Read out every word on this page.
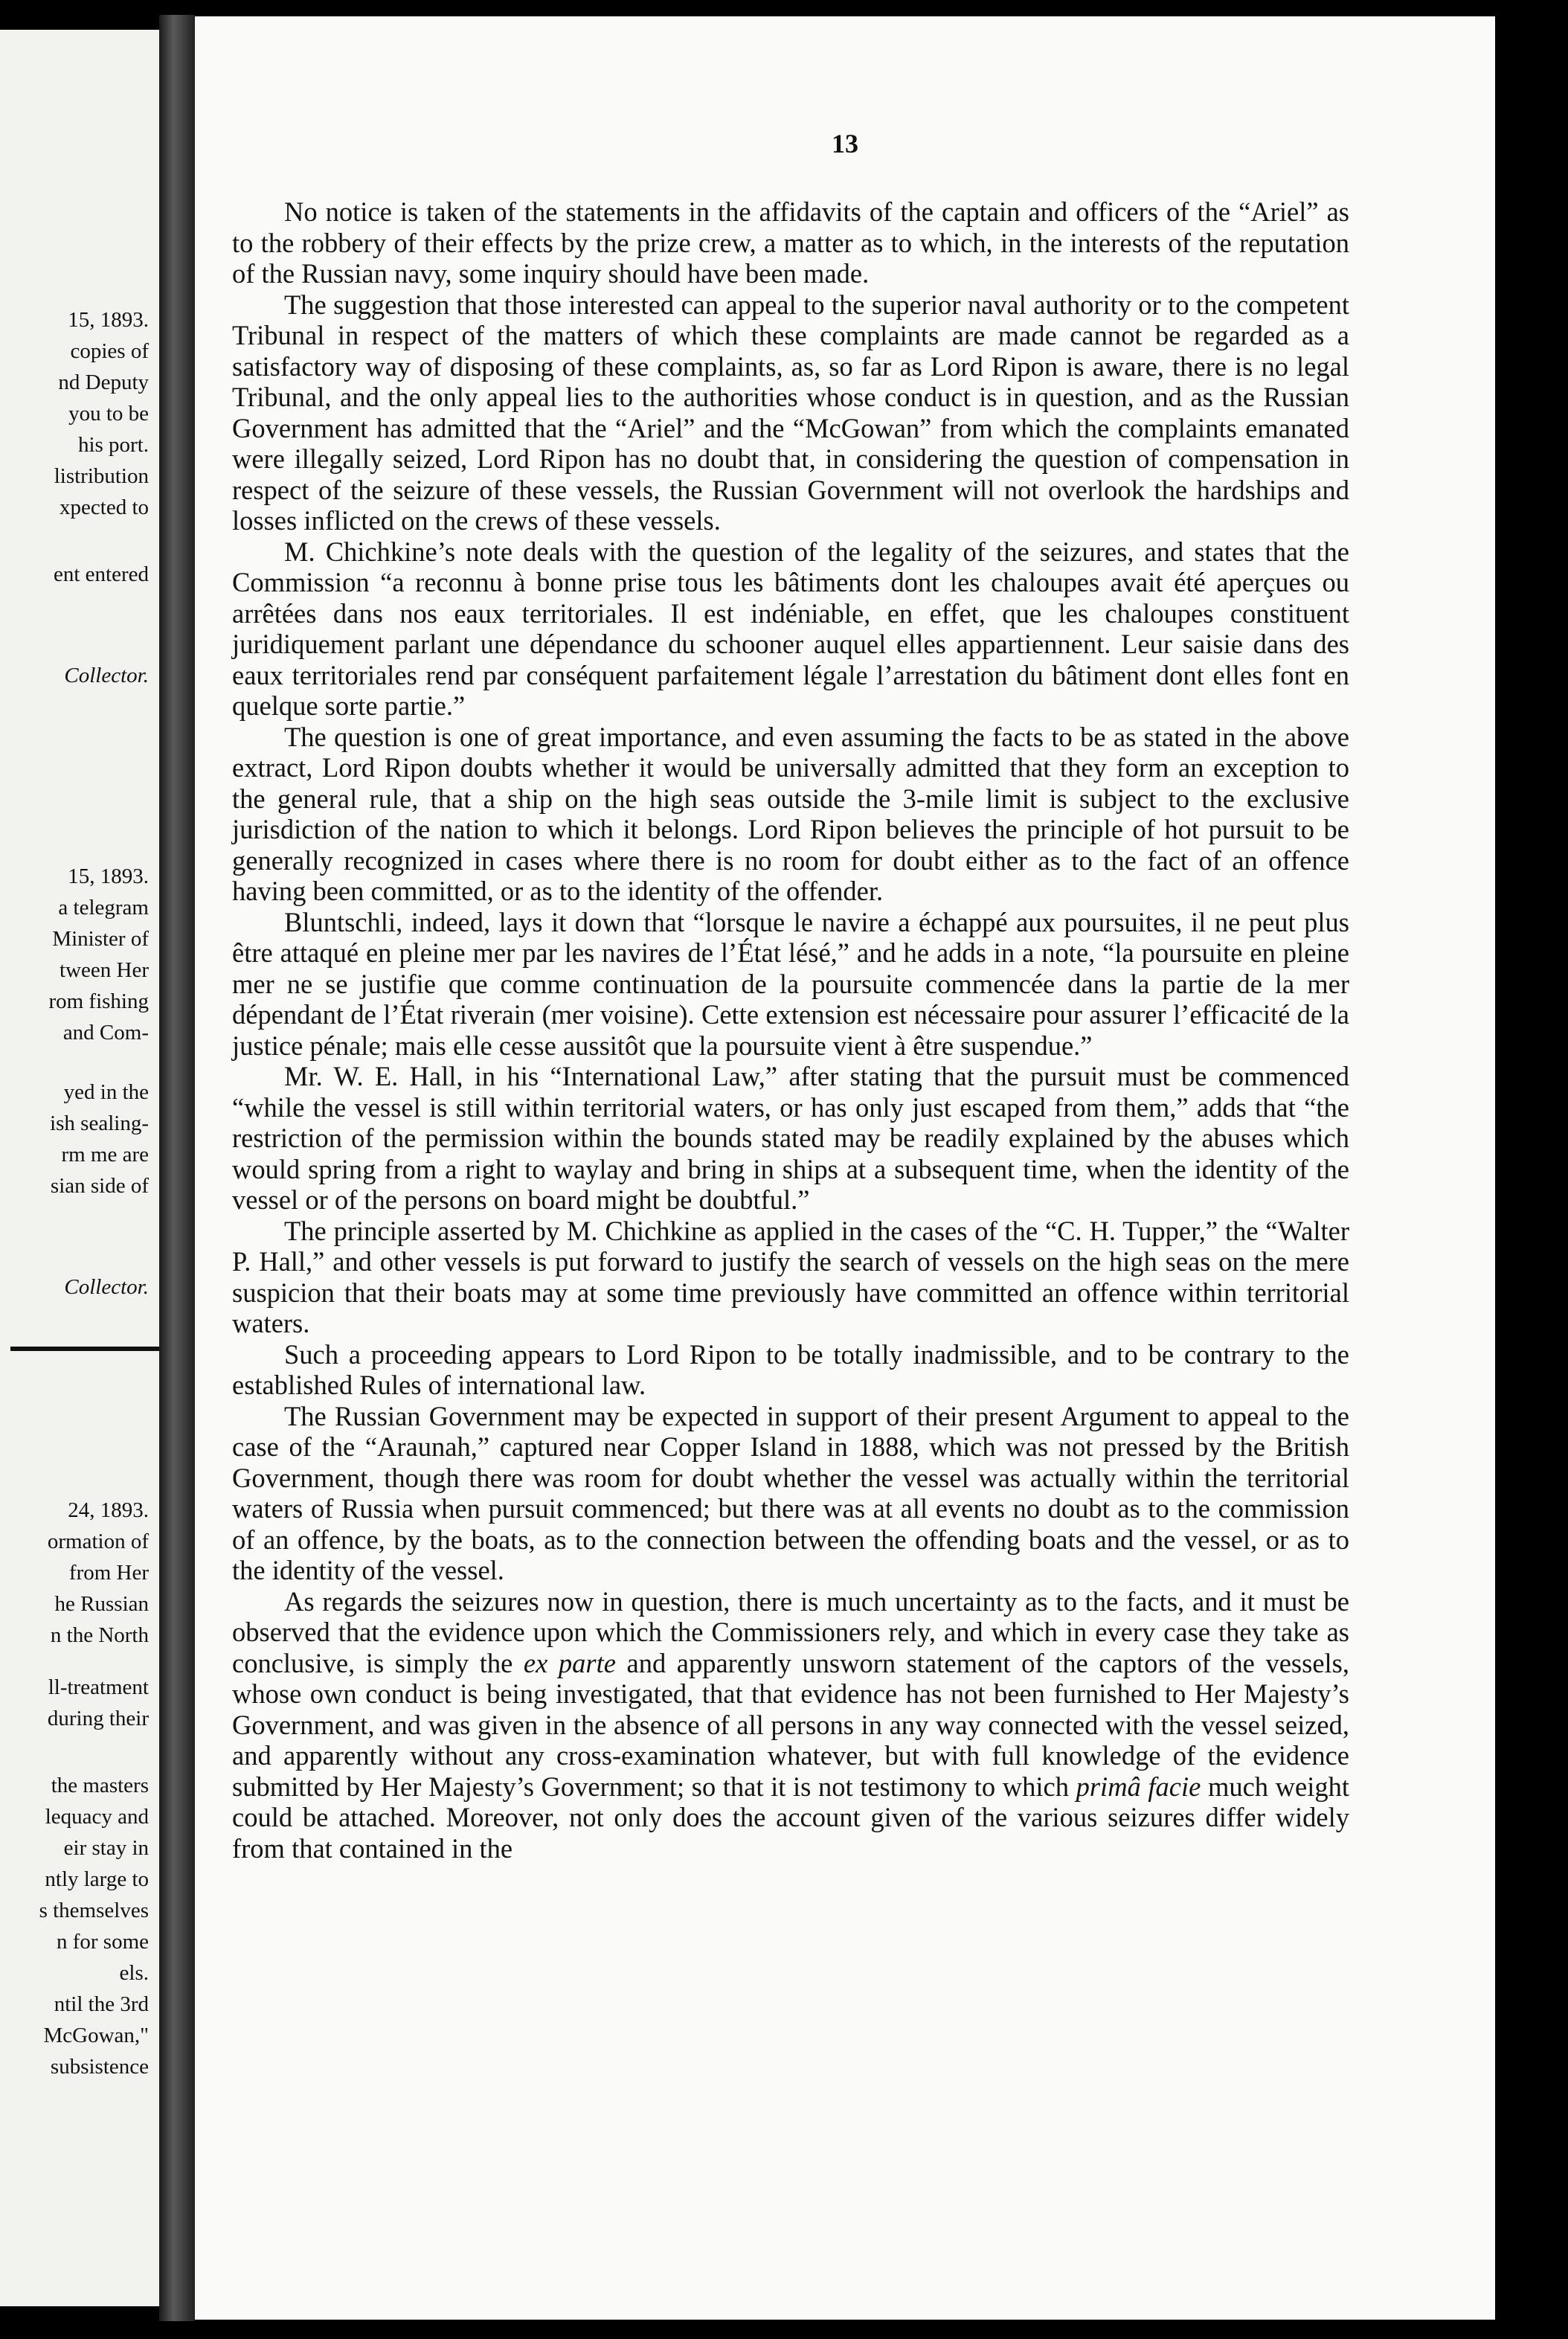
15, 1893.
copies of
nd Deputy
you to be
his port.
listribution
xpected to
ent entered
Collector.
15, 1893.
a telegram
Minister of
tween Her
rom fishing
and Com-
yed in the
ish sealing-
rm me are
sian side of
Collector.
24, 1893.
ormation of
from Her
he Russian
n the North
ll-treatment
during their
the masters
lequacy and
eir stay in
ntly large to
s themselves
n for some
els.
ntil the 3rd
McGowan,"
subsistence
13

No notice is taken of the statements in the affidavits of the captain and officers of the “Ariel” as to the robbery of their effects by the prize crew, a matter as to which, in the interests of the reputation of the Russian navy, some inquiry should have been made.

The suggestion that those interested can appeal to the superior naval authority or to the competent Tribunal in respect of the matters of which these complaints are made cannot be regarded as a satisfactory way of disposing of these complaints, as, so far as Lord Ripon is aware, there is no legal Tribunal, and the only appeal lies to the authorities whose conduct is in question, and as the Russian Government has admitted that the “Ariel” and the “McGowan” from which the complaints emanated were illegally seized, Lord Ripon has no doubt that, in considering the question of compensation in respect of the seizure of these vessels, the Russian Government will not overlook the hardships and losses inflicted on the crews of these vessels.

M. Chichkine’s note deals with the question of the legality of the seizures, and states that the Commission “a reconnu à bonne prise tous les bâtiments dont les chaloupes avait été aperçues ou arrêtées dans nos eaux territoriales. Il est indéniable, en effet, que les chaloupes constituent juridiquement parlant une dépendance du schooner auquel elles appartiennent. Leur saisie dans des eaux territoriales rend par conséquent parfaitement légale l’arrestation du bâtiment dont elles font en quelque sorte partie.”

The question is one of great importance, and even assuming the facts to be as stated in the above extract, Lord Ripon doubts whether it would be universally admitted that they form an exception to the general rule, that a ship on the high seas outside the 3-mile limit is subject to the exclusive jurisdiction of the nation to which it belongs. Lord Ripon believes the principle of hot pursuit to be generally recognized in cases where there is no room for doubt either as to the fact of an offence having been committed, or as to the identity of the offender.

Bluntschli, indeed, lays it down that “lorsque le navire a échappé aux poursuites, il ne peut plus être attaqué en pleine mer par les navires de l’État lésé,” and he adds in a note, “la poursuite en pleine mer ne se justifie que comme continuation de la poursuite commencée dans la partie de la mer dépendant de l’État riverain (mer voisine). Cette extension est nécessaire pour assurer l’efficacité de la justice pénale; mais elle cesse aussitôt que la poursuite vient à être suspendue.”

Mr. W. E. Hall, in his “International Law,” after stating that the pursuit must be commenced “while the vessel is still within territorial waters, or has only just escaped from them,” adds that “the restriction of the permission within the bounds stated may be readily explained by the abuses which would spring from a right to waylay and bring in ships at a subsequent time, when the identity of the vessel or of the persons on board might be doubtful.”

The principle asserted by M. Chichkine as applied in the cases of the “C. H. Tupper,” the “Walter P. Hall,” and other vessels is put forward to justify the search of vessels on the high seas on the mere suspicion that their boats may at some time previously have committed an offence within territorial waters.

Such a proceeding appears to Lord Ripon to be totally inadmissible, and to be contrary to the established Rules of international law.

The Russian Government may be expected in support of their present Argument to appeal to the case of the “Araunah,” captured near Copper Island in 1888, which was not pressed by the British Government, though there was room for doubt whether the vessel was actually within the territorial waters of Russia when pursuit commenced; but there was at all events no doubt as to the commission of an offence, by the boats, as to the connection between the offending boats and the vessel, or as to the identity of the vessel.

As regards the seizures now in question, there is much uncertainty as to the facts, and it must be observed that the evidence upon which the Commissioners rely, and which in every case they take as conclusive, is simply the ex parte and apparently unsworn statement of the captors of the vessels, whose own conduct is being investigated, that that evidence has not been furnished to Her Majesty’s Government, and was given in the absence of all persons in any way connected with the vessel seized, and apparently without any cross-examination whatever, but with full knowledge of the evidence submitted by Her Majesty’s Government; so that it is not testimony to which primâ facie much weight could be attached. Moreover, not only does the account given of the various seizures differ widely from that contained in the
